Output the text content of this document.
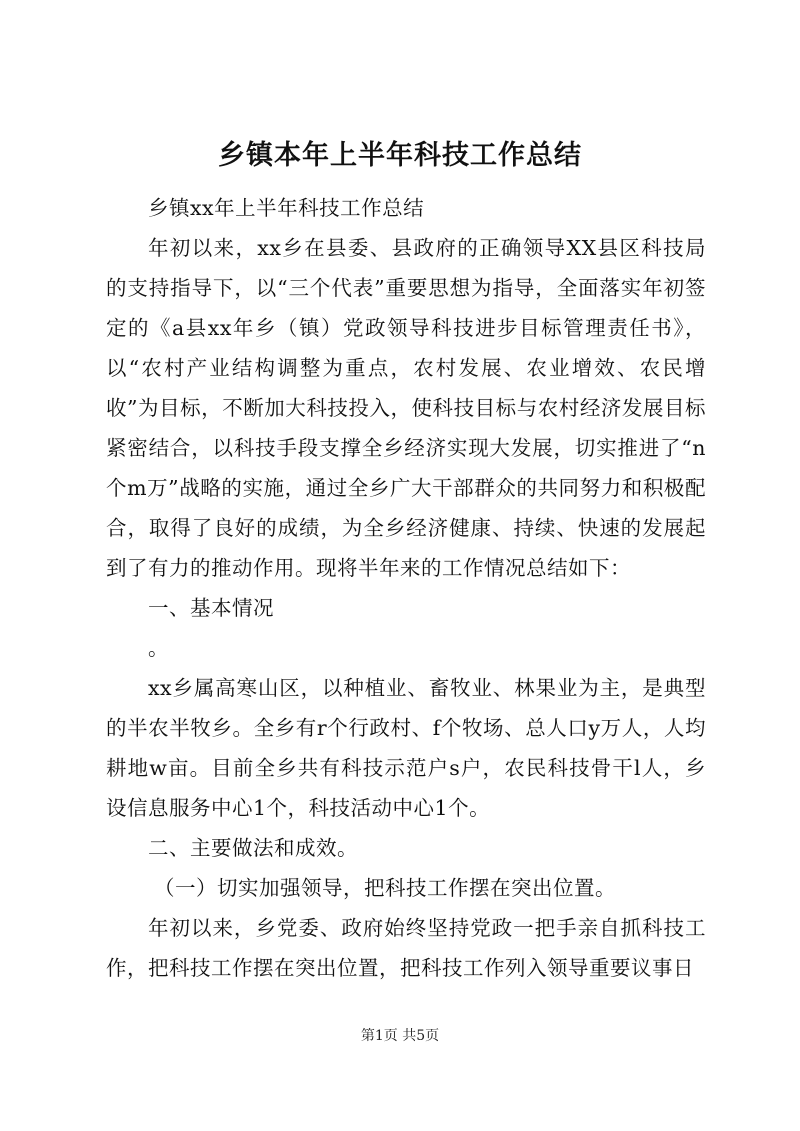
乡镇本年上半年科技工作总结

乡镇xx年上半年科技工作总结

年初以来，xx乡在县委、县政府的正确领导XX县区科技局的支持指导下，以“三个代表”重要思想为指导，全面落实年初签定的《a县xx年乡（镇）党政领导科技进步目标管理责任书》，以“农村产业结构调整为重点，农村发展、农业增效、农民增收”为目标，不断加大科技投入，使科技目标与农村经济发展目标紧密结合，以科技手段支撑全乡经济实现大发展，切实推进了“n个m万”战略的实施，通过全乡广大干部群众的共同努力和积极配合，取得了良好的成绩，为全乡经济健康、持续、快速的发展起到了有力的推动作用。现将半年来的工作情况总结如下：

一、基本情况

。

xx乡属高寒山区，以种植业、畜牧业、林果业为主，是典型的半农半牧乡。全乡有r个行政村、f个牧场、总人口y万人，人均耕地w亩。目前全乡共有科技示范户s户，农民科技骨干l人，乡设信息服务中心1个，科技活动中心1个。

二、主要做法和成效。

（一）切实加强领导，把科技工作摆在突出位置。

年初以来，乡党委、政府始终坚持党政一把手亲自抓科技工作，把科技工作摆在突出位置，把科技工作列入领导重要议事日

第1页 共5页
